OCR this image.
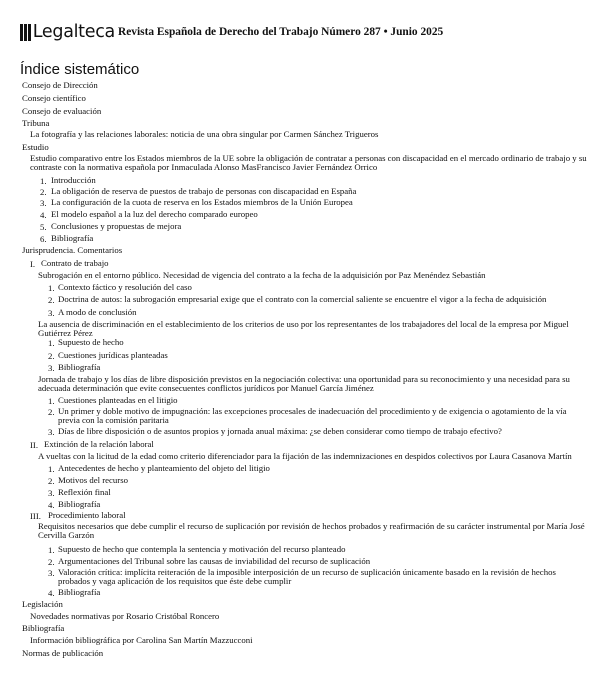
Legalteca Revista Española de Derecho del Trabajo Número 287 • Junio 2025
Índice sistemático
Consejo de Dirección
Consejo científico
Consejo de evaluación
Tribuna
La fotografía y las relaciones laborales: noticia de una obra singular por Carmen Sánchez Trigueros
Estudio
Estudio comparativo entre los Estados miembros de la UE sobre la obligación de contratar a personas con discapacidad en el mercado ordinario de trabajo y su contraste con la normativa española por Inmaculada Alonso MasFrancisco Javier Fernández Orrico
1. Introducción
2. La obligación de reserva de puestos de trabajo de personas con discapacidad en España
3. La configuración de la cuota de reserva en los Estados miembros de la Unión Europea
4. El modelo español a la luz del derecho comparado europeo
5. Conclusiones y propuestas de mejora
6. Bibliografía
Jurisprudencia. Comentarios
I. Contrato de trabajo
Subrogación en el entorno público. Necesidad de vigencia del contrato a la fecha de la adquisición por Paz Menéndez Sebastián
1. Contexto fáctico y resolución del caso
2. Doctrina de autos: la subrogación empresarial exige que el contrato con la comercial saliente se encuentre el vigor a la fecha de adquisición
3. A modo de conclusión
La ausencia de discriminación en el establecimiento de los criterios de uso por los representantes de los trabajadores del local de la empresa por Miguel Gutiérrez Pérez
1. Supuesto de hecho
2. Cuestiones jurídicas planteadas
3. Bibliografía
Jornada de trabajo y los días de libre disposición previstos en la negociación colectiva: una oportunidad para su reconocimiento y una necesidad para su adecuada determinación que evite consecuentes conflictos jurídicos por Manuel García Jiménez
1. Cuestiones planteadas en el litigio
2. Un primer y doble motivo de impugnación: las excepciones procesales de inadecuación del procedimiento y de exigencia o agotamiento de la vía previa con la comisión paritaria
3. Días de libre disposición o de asuntos propios y jornada anual máxima: ¿se deben considerar como tiempo de trabajo efectivo?
II. Extinción de la relación laboral
A vueltas con la licitud de la edad como criterio diferenciador para la fijación de las indemnizaciones en despidos colectivos por Laura Casanova Martín
1. Antecedentes de hecho y planteamiento del objeto del litigio
2. Motivos del recurso
3. Reflexión final
4. Bibliografía
III. Procedimiento laboral
Requisitos necesarios que debe cumplir el recurso de suplicación por revisión de hechos probados y reafirmación de su carácter instrumental por María José Cervilla Garzón
1. Supuesto de hecho que contempla la sentencia y motivación del recurso planteado
2. Argumentaciones del Tribunal sobre las causas de inviabilidad del recurso de suplicación
3. Valoración crítica: implícita reiteración de la imposible interposición de un recurso de suplicación únicamente basado en la revisión de hechos probados y vaga aplicación de los requisitos que éste debe cumplir
4. Bibliografía
Legislación
Novedades normativas por Rosario Cristóbal Roncero
Bibliografía
Información bibliográfica por Carolina San Martín Mazzucconi
Normas de publicación
